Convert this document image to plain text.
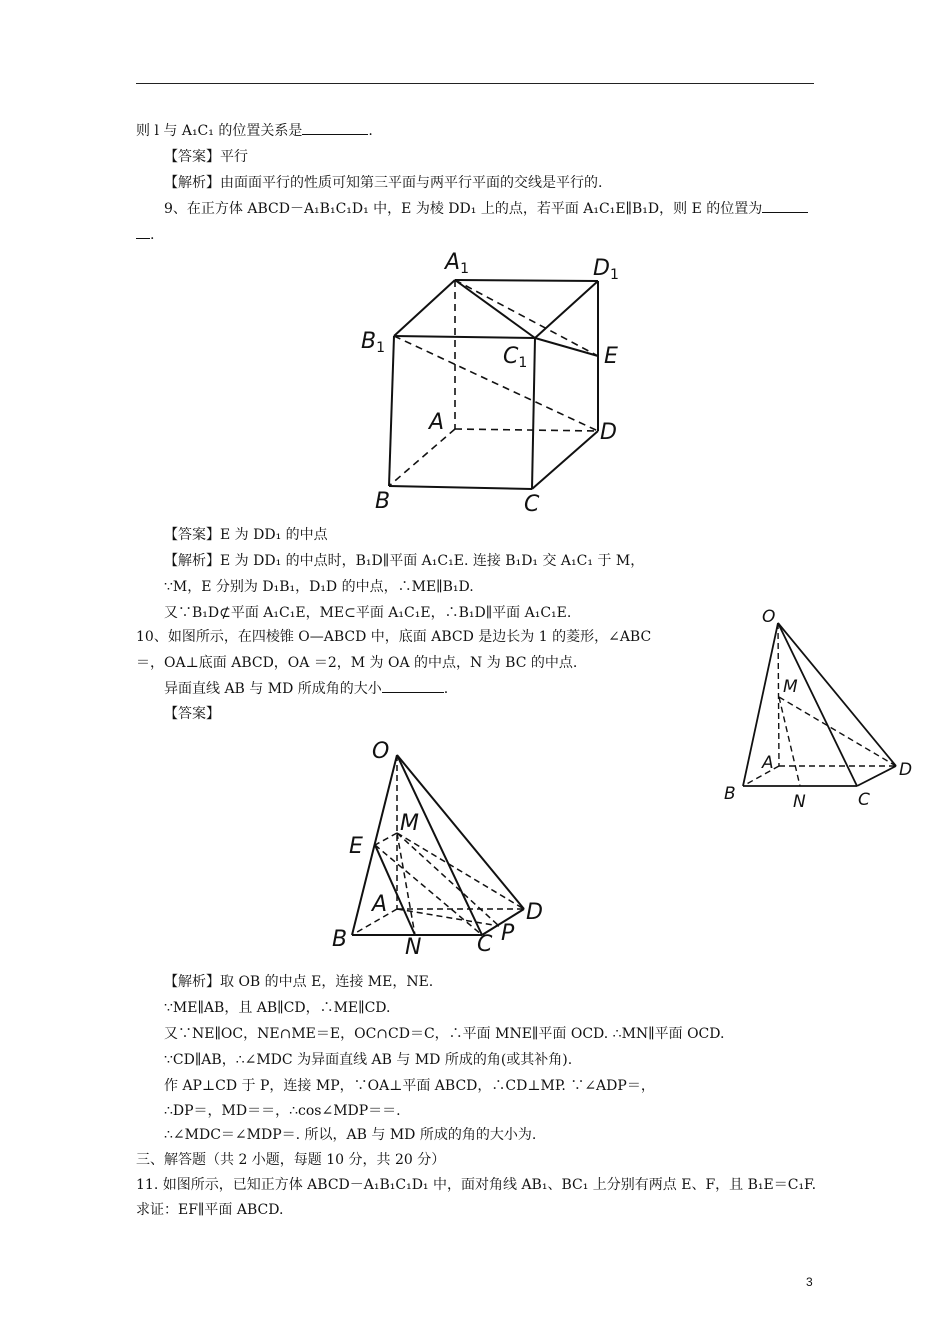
则 l 与 A₁C₁ 的位置关系是	.
【答案】平行
【解析】由面面平行的性质可知第三平面与两平行平面的交线是平行的.
9、在正方体 ABCD－A₁B₁C₁D₁ 中，E 为棱 DD₁ 上的点，若平面 A₁C₁E∥B₁D，则 E 的位置为
.
A1	D1
B1	C1	E
A	D
B	C
【答案】E 为 DD₁ 的中点
【解析】E 为 DD₁ 的中点时，B₁D∥平面 A₁C₁E. 连接 B₁D₁ 交 A₁C₁ 于 M，
∵M，E 分别为 D₁B₁，D₁D 的中点，∴ME∥B₁D.
又∵B₁D⊄平面 A₁C₁E，ME⊂平面 A₁C₁E，∴B₁D∥平面 A₁C₁E.
10、如图所示，在四棱锥 O—ABCD 中，底面 ABCD 是边长为 1 的菱形，∠ABC
＝，OA⊥底面 ABCD，OA ＝2，M 为 OA 的中点，N 为 BC 的中点.
异面直线 AB 与 MD 所成角的大小	.
【答案】
O
M
A	D
B	N	C
O
M
E
A	D
B	N	C P
【解析】取 OB 的中点 E，连接 ME，NE.
∵ME∥AB，且 AB∥CD，∴ME∥CD.
又∵NE∥OC，NE∩ME＝E，OC∩CD＝C，∴平面 MNE∥平面 OCD. ∴MN∥平面 OCD.
∵CD∥AB，∴∠MDC 为异面直线 AB 与 MD 所成的角(或其补角).
作 AP⊥CD 于 P，连接 MP，∵OA⊥平面 ABCD，∴CD⊥MP. ∵∠ADP＝，
∴DP＝，MD＝＝，∴cos∠MDP＝＝.
∴∠MDC＝∠MDP＝. 所以，AB 与 MD 所成的角的大小为.
三、解答题（共 2 小题，每题 10 分，共 20 分）
11. 如图所示，已知正方体 ABCD－A₁B₁C₁D₁ 中，面对角线 AB₁、BC₁ 上分别有两点 E、F，且 B₁E＝C₁F.
求证：EF∥平面 ABCD.
3
